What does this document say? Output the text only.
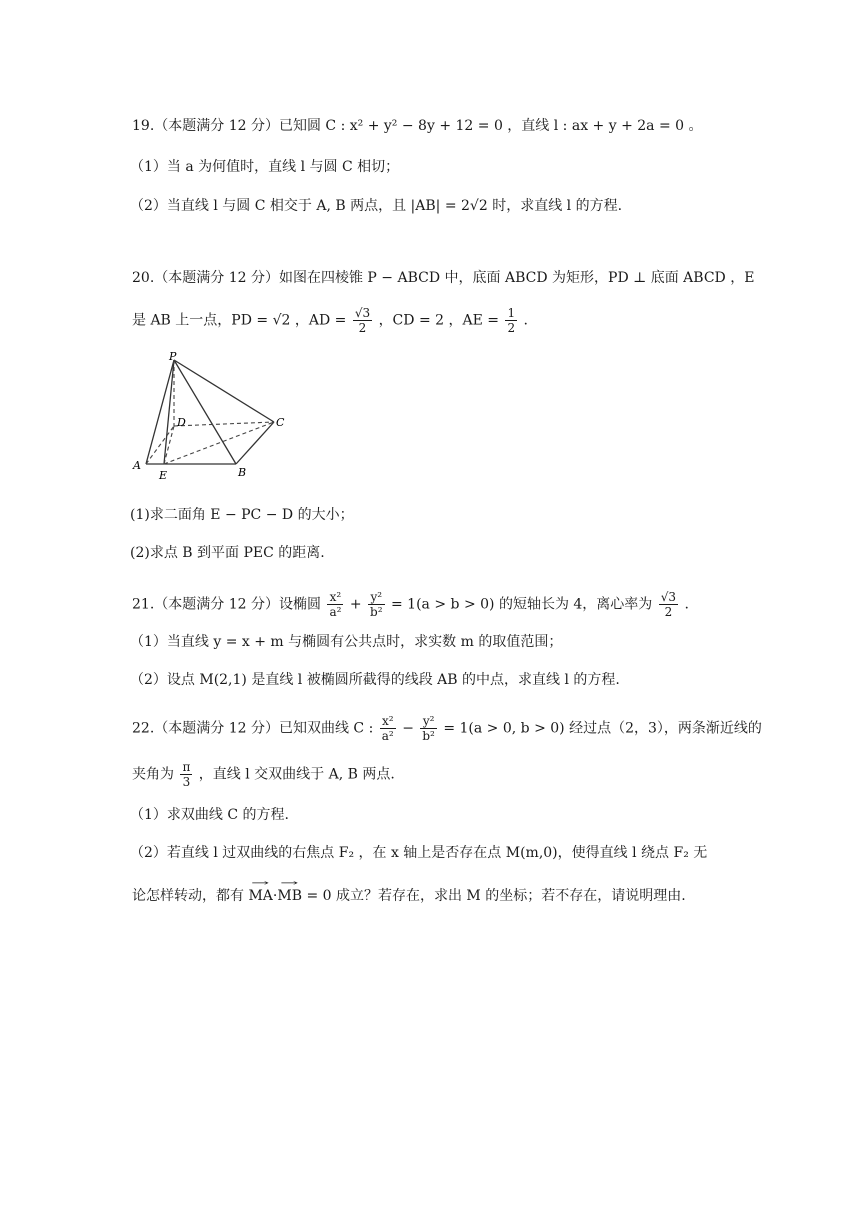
19.（本题满分 12 分）已知圆 C : x² + y² − 8y + 12 = 0 ，直线 l : ax + y + 2a = 0 。
（1）当 a 为何值时，直线 l 与圆 C 相切；
（2）当直线 l 与圆 C 相交于 A, B 两点，且 |AB| = 2√2 时，求直线 l 的方程.
20.（本题满分 12 分）如图在四棱锥 P − ABCD 中，底面 ABCD 为矩形，PD ⊥ 底面 ABCD ，E
是 AB 上一点，PD = √2 ，AD = $\frac{√3}{2}$ ，CD = 2 ，AE = $\frac{1}{2}$ .
P
D	C
A
E	B
(1)求二面角 E − PC − D 的大小；
(2)求点 B 到平面 PEC 的距离.
21.（本题满分 12 分）设椭圆 $\frac{\text{x²}}{\text{a²}} + \frac{\text{y²}}{\text{b²}} = 1(a > b > 0)$ 的短轴长为 4，离心率为 $\frac{√3}{2}$ .
（1）当直线 y = x + m 与椭圆有公共点时，求实数 m 的取值范围；
（2）设点 M(2,1) 是直线 l 被椭圆所截得的线段 AB 的中点，求直线 l 的方程.
22.（本题满分 12 分）已知双曲线 C : $\frac{\text{x²}}{\text{a²}} - \frac{\text{y²}}{\text{b²}} = 1(a > 0$, b > 0) 经过点（2，3），两条渐近线的
夹角为 $\frac{\pi}{3}$ ，直线 l 交双曲线于 A, B 两点.
（1）求双曲线 C 的方程.
（2）若直线 l 过双曲线的右焦点 F₂ ，在 x 轴上是否存在点 M(m,0)，使得直线 l 绕点 F₂ 无
论怎样转动，都有 → MA·→ MB = 0 成立？若存在，求出 M 的坐标；若不存在，请说明理由.
